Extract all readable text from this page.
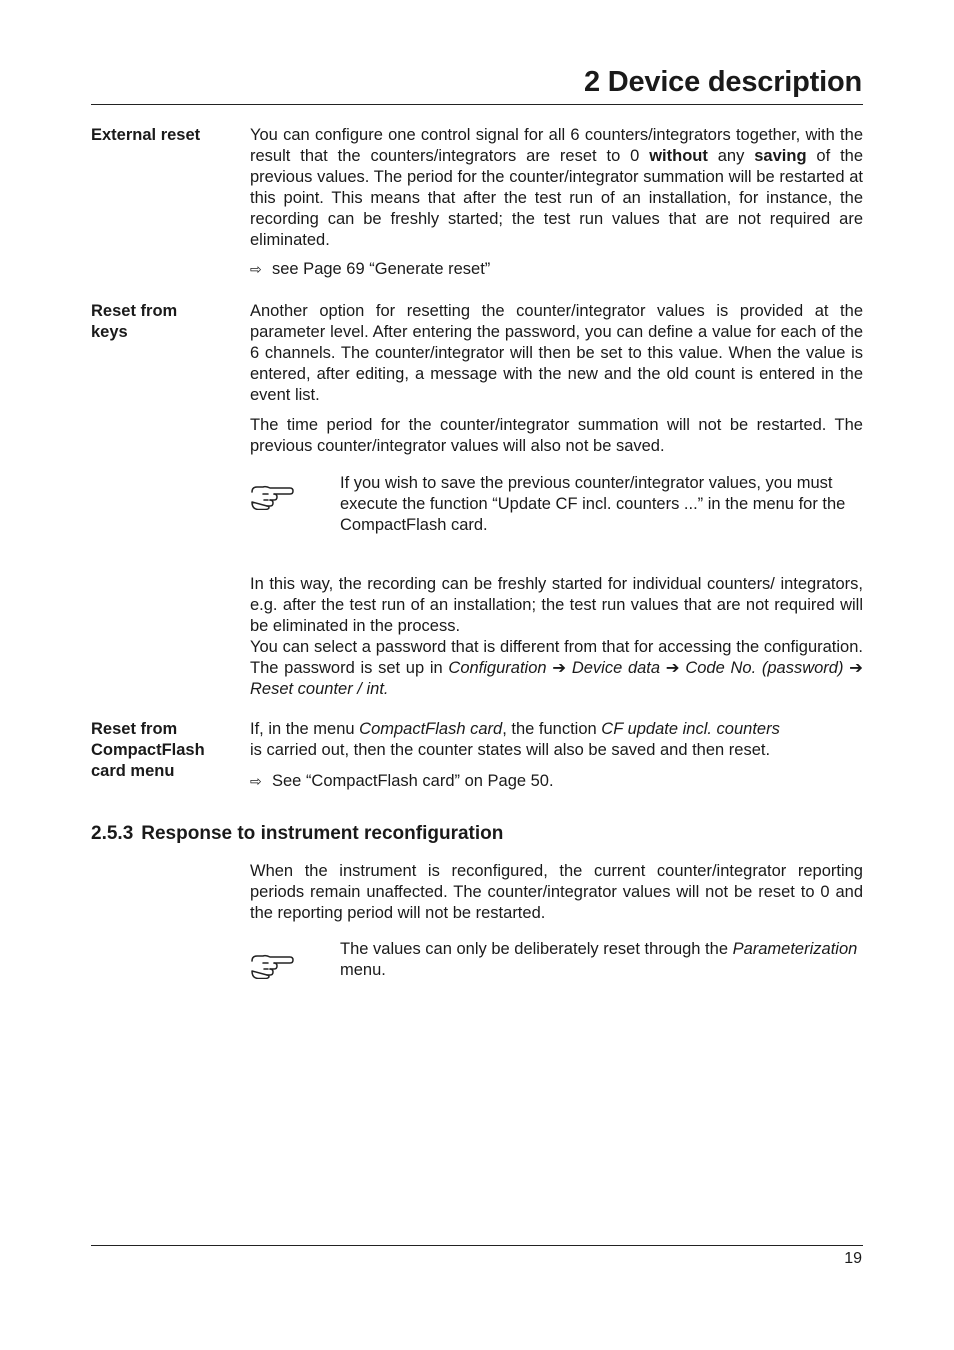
2 Device description
External reset	You can configure one control signal for all 6 counters/integrators together, with the result that the counters/integrators are reset to 0 without any saving of the previous values. The period for the counter/integrator summation will be restarted at this point. This means that after the test run of an installation, for instance, the recording can be freshly started; the test run values that are not required are eliminated.

⇨ see Page 69 “Generate reset”
Reset from
keys

Another option for resetting the counter/integrator values is provided at the parameter level. After entering the password, you can define a value for each of the 6 channels. The counter/integrator will then be set to this value. When the value is entered, after editing, a message with the new and the old count is entered in the event list.

The time period for the counter/integrator summation will not be restarted. The previous counter/integrator values will also not be saved.

If you wish to save the previous counter/integrator values, you must execute the function “Update CF incl. counters ...” in the menu for the CompactFlash card.

In this way, the recording can be freshly started for individual counters/ integrators, e.g. after the test run of an installation; the test run values that are not required will be eliminated in the process.

You can select a password that is different from that for accessing the configuration. The password is set up in Configuration ➔ Device data ➔ Code No. (password) ➔ Reset counter / int.

Reset from
CompactFlash
card menu

If, in the menu CompactFlash card, the function CF update incl. counters

is carried out, then the counter states will also be saved and then reset.

⇨ See “CompactFlash card” on Page 50.
2.5.3 Response to instrument reconfiguration

When the instrument is reconfigured, the current counter/integrator reporting periods remain unaffected. The counter/integrator values will not be reset to 0 and the reporting period will not be restarted.

The values can only be deliberately reset through the Parameterization menu.
19
